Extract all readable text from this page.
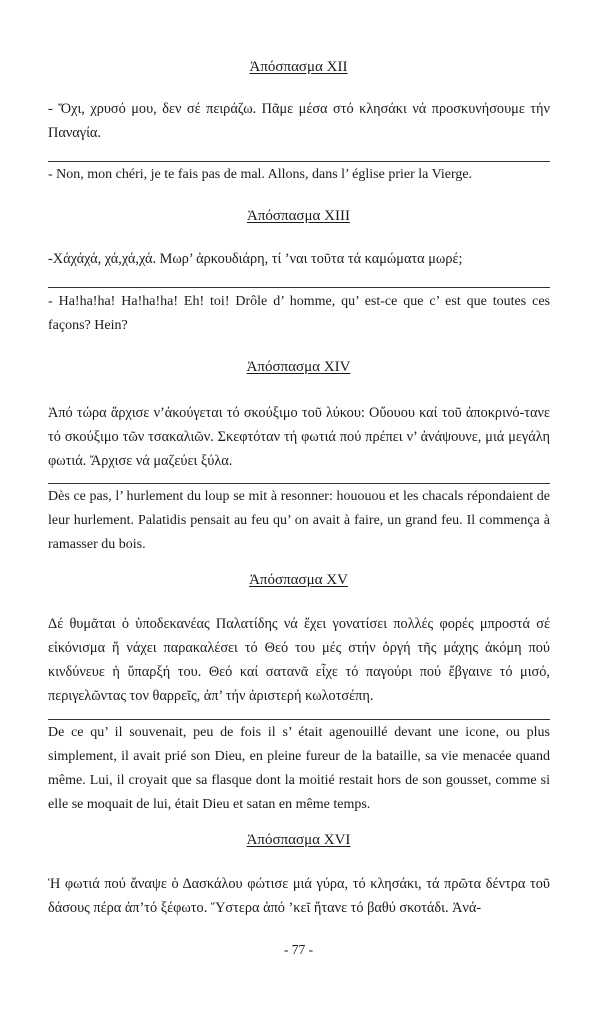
Ἀπόσπασμα XII
- Ὄχι, χρυσό μου, δεν σέ πειράζω. Πᾶμε μέσα στό κλησάκι νά προσκυνήσουμε τήν Παναγία.
- Non, mon chéri, je te fais pas de mal. Allons, dans l’ église prier la Vierge.
Ἀπόσπασμα XIII
-Χάχάχά, χά,χά,χά. Μωρ’ ἀρκουδιάρη, τί ’ναι τοῦτα τά καμώματα μωρέ;
- Ha!ha!ha! Ha!ha!ha! Eh! toi! Drôle d’ homme, qu’ est-ce que c’ est que toutes ces façons? Hein?
Ἀπόσπασμα XIV
Ἀπό τώρα ἄρχισε ν’ἀκούγεται τό σκούξιμο τοῦ λύκου: Οὔουου καί τοῦ ἀποκρινό-τανε τό σκούξιμο τῶν τσακαλιῶν. Σκεφτόταν τή φωτιά πού πρέπει ν’ ἀνάψουνε, μιά μεγάλη φωτιά. Ἄρχισε νά μαζεύει ξύλα.
Dès ce pas, l’ hurlement du loup se mit à resonner: hououou et les chacals répondaient de leur hurlement. Palatidis pensait au feu qu’ on avait à faire, un grand feu. Il commença à ramasser du bois.
Ἀπόσπασμα XV
Δέ θυμᾶται ὁ ὑποδεκανέας Παλατίδης νά ἔχει γονατίσει πολλές φορές μπροστά σέ εἰκόνισμα ἤ νάχει παρακαλέσει τό Θεό του μές στήν ὀργή τῆς μάχης ἀκόμη πού κινδύνευε ἡ ὕπαρξή του. Θεό καί σατανᾶ εἶχε τό παγούρι πού ἔβγαινε τό μισό, περιγελῶντας τον θαρρεῖς, ἀπ’ τήν ἀριστερή κωλοτσέπη.
De ce qu’ il souvenait, peu de fois il s’ était agenouillé devant une icone, ou plus simplement, il avait prié son Dieu, en pleine fureur de la bataille, sa vie menacée quand même. Lui, il croyait que sa flasque dont la moitié restait hors de son gousset, comme si elle se moquait de lui, était Dieu et satan en même temps.
Ἀπόσπασμα XVI
Ἡ φωτιά πού ἄναψε ὁ Δασκάλου φώτισε μιά γύρα, τό κλησάκι, τά πρῶτα δέντρα τοῦ δάσους πέρα ἀπ’τό ξέφωτο. Ὕστερα ἀπό ’κεῖ ἤτανε τό βαθύ σκοτάδι. Ἀνά-
- 77 -
